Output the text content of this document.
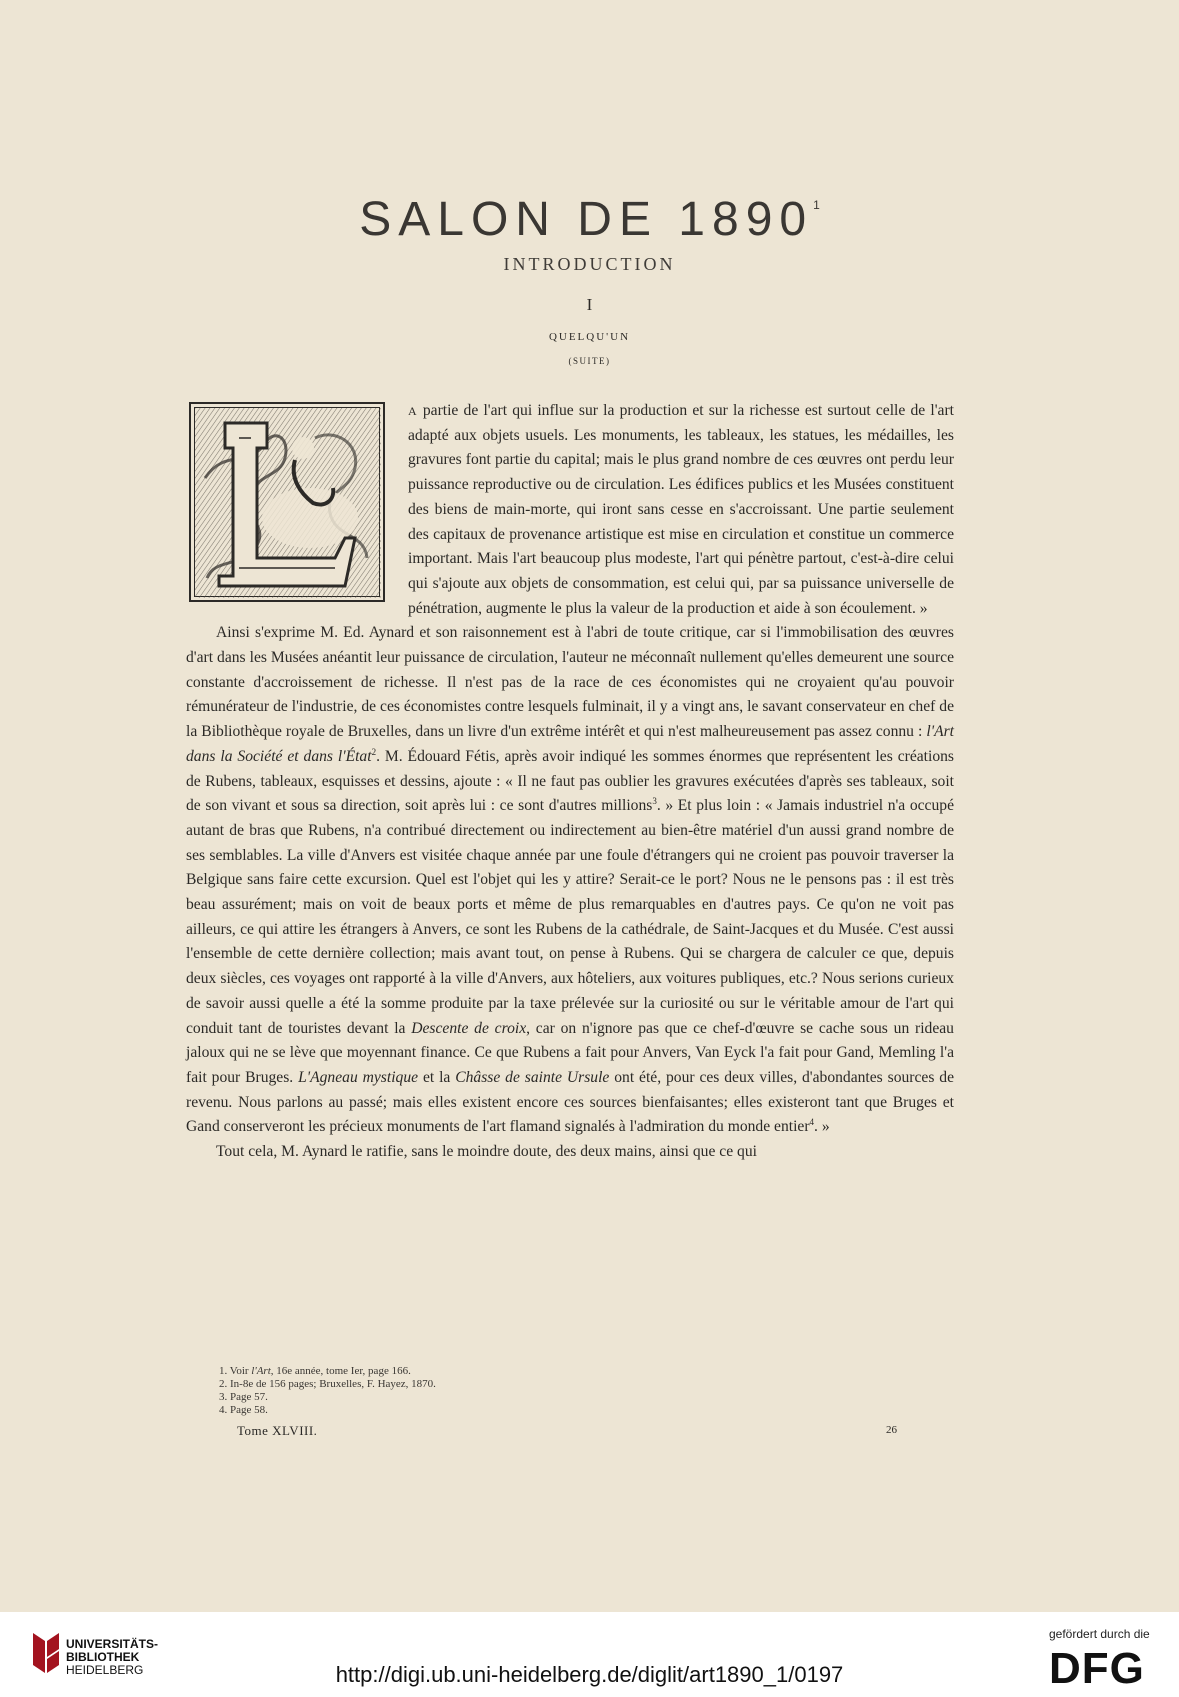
SALON DE 1890$^1$
INTRODUCTION
I
QUELQU'UN
(SUITE)

A partie de l'art qui influe sur la production et sur la richesse est surtout celle de l'art adapté aux objets usuels. Les monuments, les tableaux, les statues, les médailles, les gravures font partie du capital; mais le plus grand nombre de ces œuvres ont perdu leur puissance reproductive ou de circulation. Les édifices publics et les Musées constituent des biens de main-morte, qui iront sans cesse en s'accroissant. Une partie seulement des capitaux de provenance artistique est mise en circulation et constitue un commerce important. Mais l'art beaucoup plus modeste, l'art qui pénètre partout, c'est-à-dire celui qui s'ajoute aux objets de consommation, est celui qui, par sa puissance universelle de pénétration, augmente le plus la valeur de la production et aide à son écoulement. »

Ainsi s'exprime M. Ed. Aynard et son raisonnement est à l'abri de toute critique, car si l'immobilisation des œuvres d'art dans les Musées anéantit leur puissance de circulation, l'auteur ne méconnaît nullement qu'elles demeurent une source constante d'accroissement de richesse. Il n'est pas de la race de ces économistes qui ne croyaient qu'au pouvoir rémunérateur de l'industrie, de ces économistes contre lesquels fulminait, il y a vingt ans, le savant conservateur en chef de la Bibliothèque royale de Bruxelles, dans un livre d'un extrême intérêt et qui n'est malheureusement pas assez connu : l'Art dans la Société et dans l'État$^2$. M. Édouard Fétis, après avoir indiqué les sommes énormes que représentent les créations de Rubens, tableaux, esquisses et dessins, ajoute : « Il ne faut pas oublier les gravures exécutées d'après ses tableaux, soit de son vivant et sous sa direction, soit après lui : ce sont d'autres millions$^3$. » Et plus loin : « Jamais industriel n'a occupé autant de bras que Rubens, n'a contribué directement ou indirectement au bien-être matériel d'un aussi grand nombre de ses semblables. La ville d'Anvers est visitée chaque année par une foule d'étrangers qui ne croient pas pouvoir traverser la Belgique sans faire cette excursion. Quel est l'objet qui les y attire? Serait-ce le port? Nous ne le pensons pas : il est très beau assurément; mais on voit de beaux ports et même de plus remarquables en d'autres pays. Ce qu'on ne voit pas ailleurs, ce qui attire les étrangers à Anvers, ce sont les Rubens de la cathédrale, de Saint-Jacques et du Musée. C'est aussi l'ensemble de cette dernière collection; mais avant tout, on pense à Rubens. Qui se chargera de calculer ce que, depuis deux siècles, ces voyages ont rapporté à la ville d'Anvers, aux hôteliers, aux voitures publiques, etc.? Nous serions curieux de savoir aussi quelle a été la somme produite par la taxe prélevée sur la curiosité ou sur le véritable amour de l'art qui conduit tant de touristes devant la Descente de croix, car on n'ignore pas que ce chef-d'œuvre se cache sous un rideau jaloux qui ne se lève que moyennant finance. Ce que Rubens a fait pour Anvers, Van Eyck l'a fait pour Gand, Memling l'a fait pour Bruges. L'Agneau mystique et la Châsse de sainte Ursule ont été, pour ces deux villes, d'abondantes sources de revenu. Nous parlons au passé; mais elles existent encore ces sources bienfaisantes; elles existeront tant que Bruges et Gand conserveront les précieux monuments de l'art flamand signalés à l'admiration du monde entier$^4$. »

Tout cela, M. Aynard le ratifie, sans le moindre doute, des deux mains, ainsi que ce qui

1. Voir l'Art, 16e année, tome Ier, page 166.
2. In-8e de 156 pages; Bruxelles, F. Hayez, 1870.
3. Page 57.
4. Page 58.
Tome XLVIII.	26
UNIVERSITÄTS-
BIBLIOTHEK
HEIDELBERG	http://digi.ub.uni-heidelberg.de/diglit/art1890_1/0197
gefördert durch die
DFG
